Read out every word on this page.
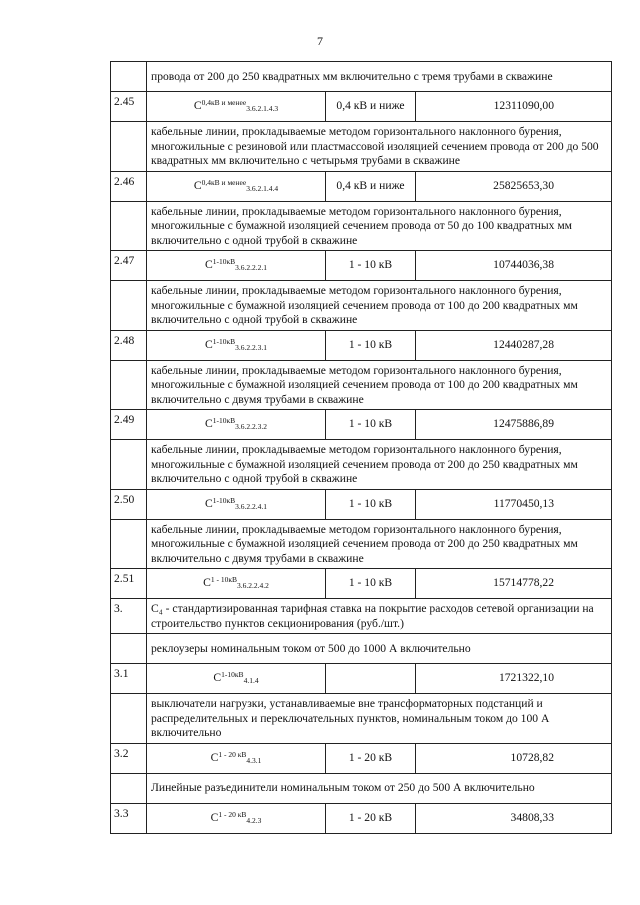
7
	провода от 200 до 250 квадратных мм включительно с тремя трубами в скважине		
2.45	$C^{0,4кВ и менее}_{3.6.2.1.4.3}$	0,4 кВ и ниже	12311090,00
	кабельные линии, прокладываемые методом горизонтального наклонного бурения, многожильные с резиновой или пластмассовой изоляцией сечением провода от 200 до 500 квадратных мм включительно с четырьмя трубами в скважине		
2.46	$C^{0,4кВ и менее}_{3.6.2.1.4.4}$	0,4 кВ и ниже	25825653,30
	кабельные линии, прокладываемые методом горизонтального наклонного бурения, многожильные с бумажной изоляцией сечением провода от 50 до 100 квадратных мм включительно с одной трубой в скважине		
2.47	$C^{1-10кВ}_{3.6.2.2.2.1}$	1 - 10 кВ	10744036,38
	кабельные линии, прокладываемые методом горизонтального наклонного бурения, многожильные с бумажной изоляцией сечением провода от 100 до 200 квадратных мм включительно с одной трубой в скважине		
2.48	$C^{1-10кВ}_{3.6.2.2.3.1}$	1 - 10 кВ	12440287,28
	кабельные линии, прокладываемые методом горизонтального наклонного бурения, многожильные с бумажной изоляцией сечением провода от 100 до 200 квадратных мм включительно с двумя трубами в скважине		
2.49	$C^{1-10кВ}_{3.6.2.2.3.2}$	1 - 10 кВ	12475886,89
	кабельные линии, прокладываемые методом горизонтального наклонного бурения, многожильные с бумажной изоляцией сечением провода от 200 до 250 квадратных мм включительно с одной трубой в скважине		
2.50	$C^{1-10кВ}_{3.6.2.2.4.1}$	1 - 10 кВ	11770450,13
	кабельные линии, прокладываемые методом горизонтального наклонного бурения, многожильные с бумажной изоляцией сечением провода от 200 до 250 квадратных мм включительно с двумя трубами в скважине		
2.51	$C^{1 - 10кВ}_{3.6.2.2.4.2}$	1 - 10 кВ	15714778,22
3.	C₄ - стандартизированная тарифная ставка на покрытие расходов сетевой организации на строительство пунктов секционирования (руб./шт.)		
	реклоузеры номинальным током от 500 до 1000 А включительно		
3.1	$C^{1-10кВ}_{4.1.4}$		1721322,10
	выключатели нагрузки, устанавливаемые вне трансформаторных подстанций и распределительных и переключательных пунктов, номинальным током до 100 А включительно		
3.2	$C^{1 - 20 кВ}_{4.3.1}$	1 - 20 кВ	10728,82
	Линейные разъединители номинальным током от 250 до 500 А включительно		
3.3	$C^{1 - 20 кВ}_{4.2.3}$	1 - 20 кВ	34808,33
